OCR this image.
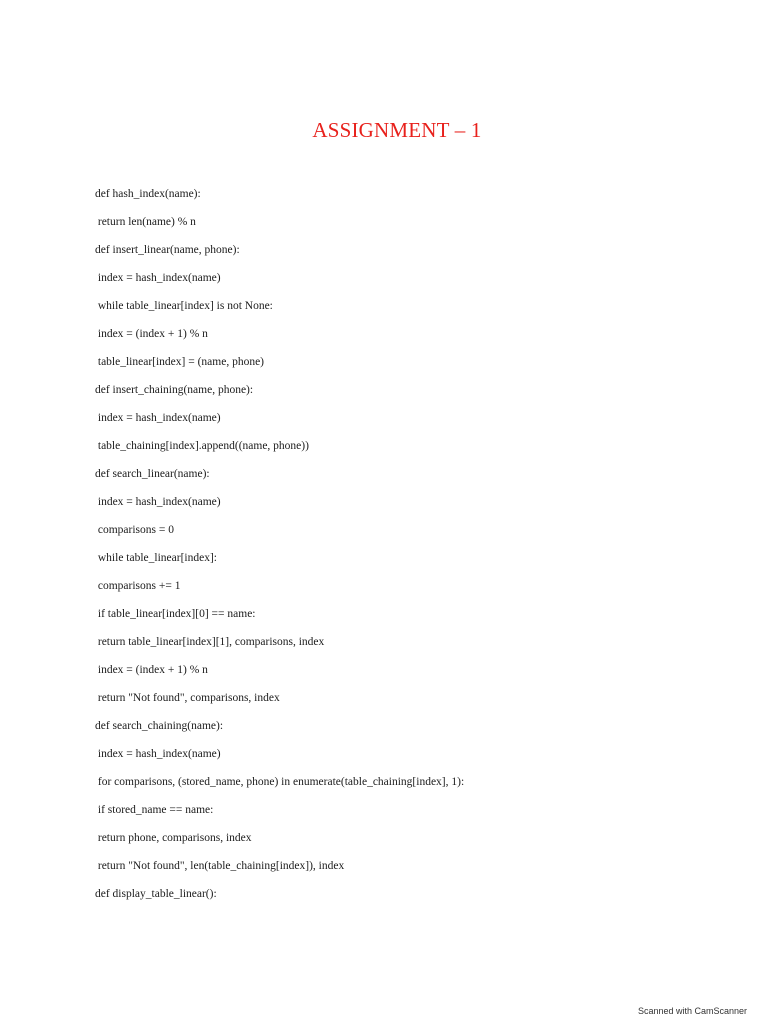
ASSIGNMENT – 1
def hash_index(name):
return len(name) % n
def insert_linear(name, phone):
index = hash_index(name)
while table_linear[index] is not None:
index = (index + 1) % n
table_linear[index] = (name, phone)
def insert_chaining(name, phone):
index = hash_index(name)
table_chaining[index].append((name, phone))
def search_linear(name):
index = hash_index(name)
comparisons = 0
while table_linear[index]:
comparisons += 1
if table_linear[index][0] == name:
return table_linear[index][1], comparisons, index
index = (index + 1) % n
return "Not found", comparisons, index
def search_chaining(name):
index = hash_index(name)
for comparisons, (stored_name, phone) in enumerate(table_chaining[index], 1):
if stored_name == name:
return phone, comparisons, index
return "Not found", len(table_chaining[index]), index
def display_table_linear():
Scanned with CamScanner
